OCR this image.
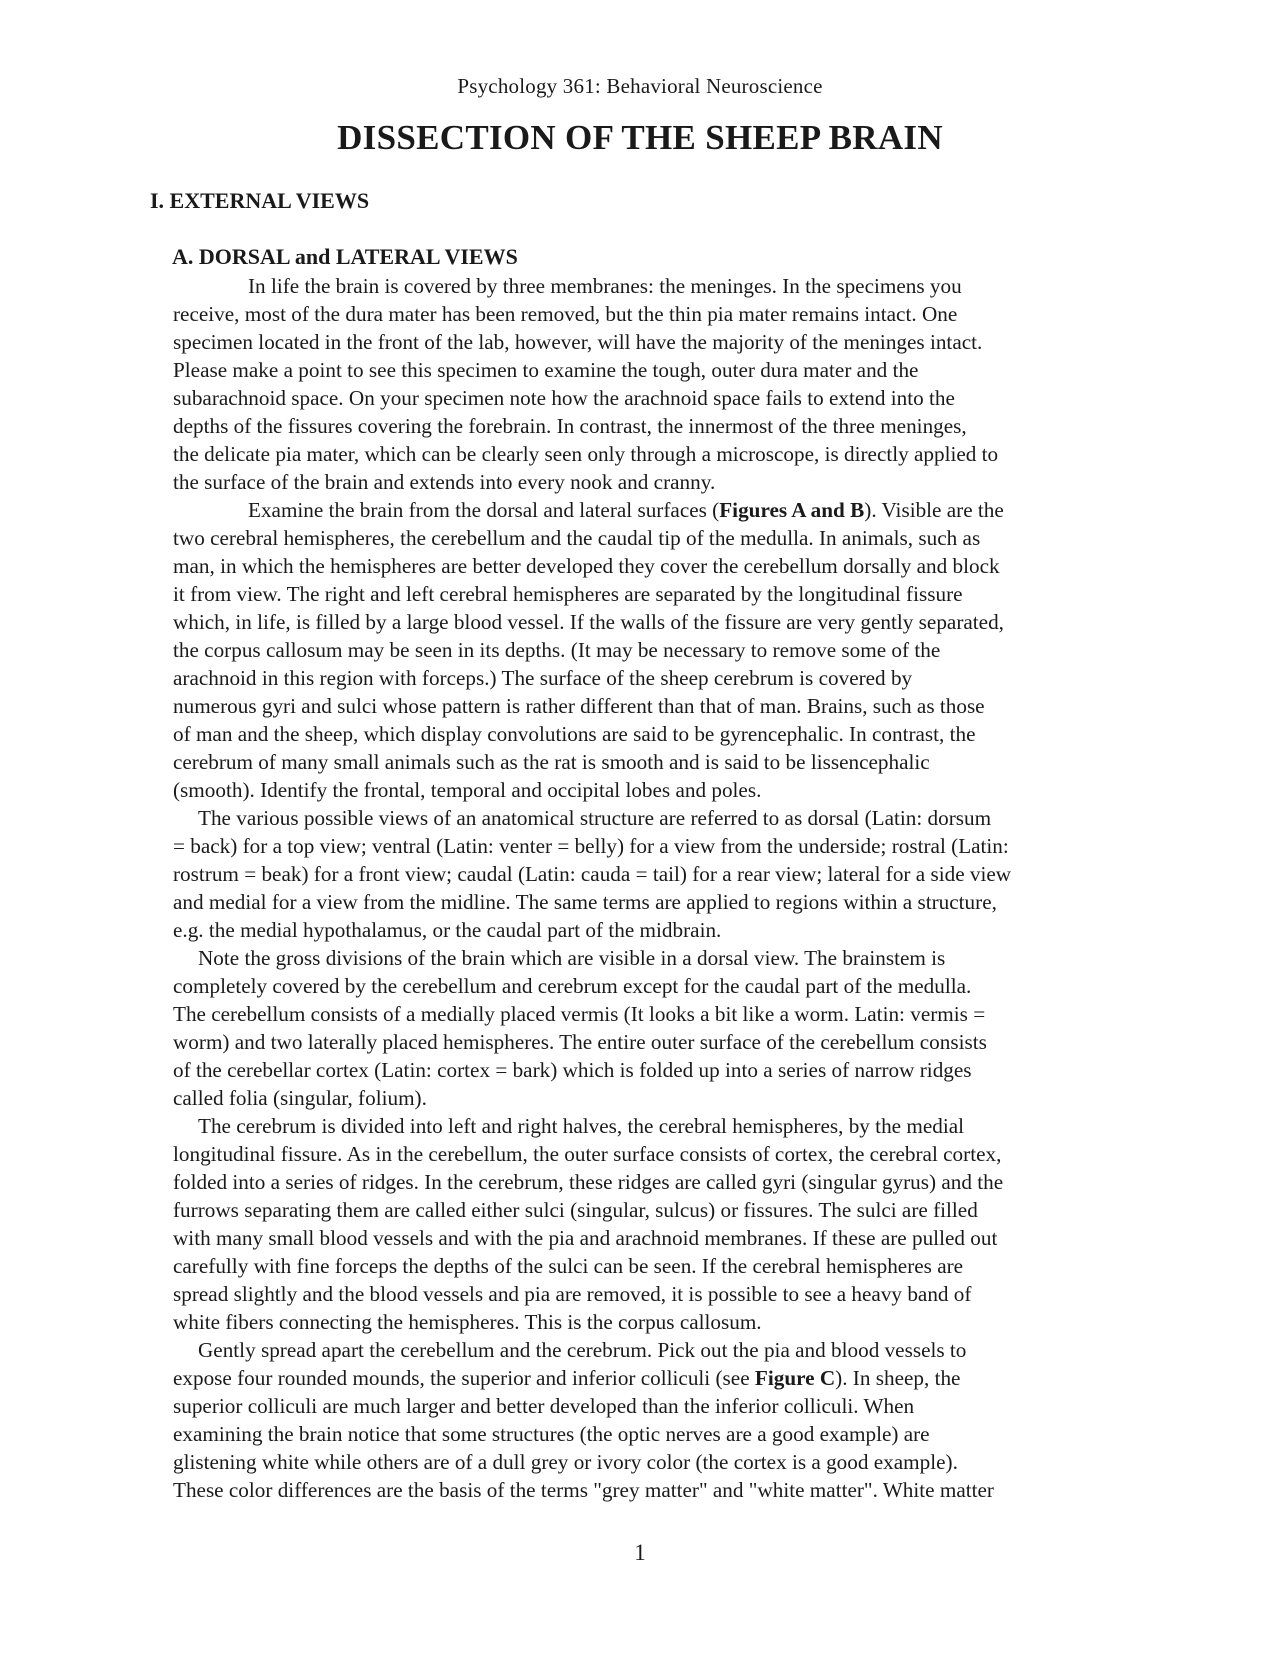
Psychology 361: Behavioral Neuroscience
DISSECTION OF THE SHEEP BRAIN
I. EXTERNAL VIEWS
A. DORSAL and LATERAL VIEWS
In life the brain is covered by three membranes: the meninges. In the specimens you
receive, most of the dura mater has been removed, but the thin pia mater remains intact. One
specimen located in the front of the lab, however, will have the majority of the meninges intact.
Please make a point to see this specimen to examine the tough, outer dura mater and the
subarachnoid space. On your specimen note how the arachnoid space fails to extend into the
depths of the fissures covering the forebrain. In contrast, the innermost of the three meninges,
the delicate pia mater, which can be clearly seen only through a microscope, is directly applied to
the surface of the brain and extends into every nook and cranny.
Examine the brain from the dorsal and lateral surfaces (Figures A and B). Visible are the
two cerebral hemispheres, the cerebellum and the caudal tip of the medulla. In animals, such as
man, in which the hemispheres are better developed they cover the cerebellum dorsally and block
it from view. The right and left cerebral hemispheres are separated by the longitudinal fissure
which, in life, is filled by a large blood vessel. If the walls of the fissure are very gently separated,
the corpus callosum may be seen in its depths. (It may be necessary to remove some of the
arachnoid in this region with forceps.) The surface of the sheep cerebrum is covered by
numerous gyri and sulci whose pattern is rather different than that of man. Brains, such as those
of man and the sheep, which display convolutions are said to be gyrencephalic. In contrast, the
cerebrum of many small animals such as the rat is smooth and is said to be lissencephalic
(smooth). Identify the frontal, temporal and occipital lobes and poles.
The various possible views of an anatomical structure are referred to as dorsal (Latin: dorsum
= back) for a top view; ventral (Latin: venter = belly) for a view from the underside; rostral (Latin:
rostrum = beak) for a front view; caudal (Latin: cauda = tail) for a rear view; lateral for a side view
and medial for a view from the midline. The same terms are applied to regions within a structure,
e.g. the medial hypothalamus, or the caudal part of the midbrain.
Note the gross divisions of the brain which are visible in a dorsal view. The brainstem is
completely covered by the cerebellum and cerebrum except for the caudal part of the medulla.
The cerebellum consists of a medially placed vermis (It looks a bit like a worm. Latin: vermis =
worm) and two laterally placed hemispheres. The entire outer surface of the cerebellum consists
of the cerebellar cortex (Latin: cortex = bark) which is folded up into a series of narrow ridges
called folia (singular, folium).
The cerebrum is divided into left and right halves, the cerebral hemispheres, by the medial
longitudinal fissure. As in the cerebellum, the outer surface consists of cortex, the cerebral cortex,
folded into a series of ridges. In the cerebrum, these ridges are called gyri (singular gyrus) and the
furrows separating them are called either sulci (singular, sulcus) or fissures. The sulci are filled
with many small blood vessels and with the pia and arachnoid membranes. If these are pulled out
carefully with fine forceps the depths of the sulci can be seen. If the cerebral hemispheres are
spread slightly and the blood vessels and pia are removed, it is possible to see a heavy band of
white fibers connecting the hemispheres. This is the corpus callosum.
Gently spread apart the cerebellum and the cerebrum. Pick out the pia and blood vessels to
expose four rounded mounds, the superior and inferior colliculi (see Figure C). In sheep, the
superior colliculi are much larger and better developed than the inferior colliculi. When
examining the brain notice that some structures (the optic nerves are a good example) are
glistening white while others are of a dull grey or ivory color (the cortex is a good example).
These color differences are the basis of the terms "grey matter" and "white matter". White matter
1
